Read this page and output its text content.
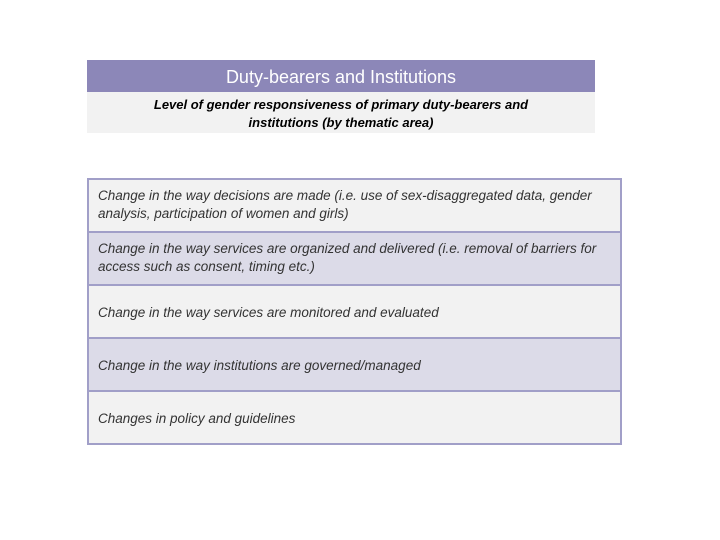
Duty-bearers and Institutions
Level of gender responsiveness of primary duty-bearers and
institutions (by thematic area)
Change in the way decisions are made (i.e. use of sex-disaggregated data, gender
analysis, participation of women and girls)
Change in the way services are organized and delivered (i.e. removal of barriers for
access such as consent, timing etc.)
Change in the way services are monitored and evaluated
Change in the way institutions are governed/managed
Changes in policy and guidelines
